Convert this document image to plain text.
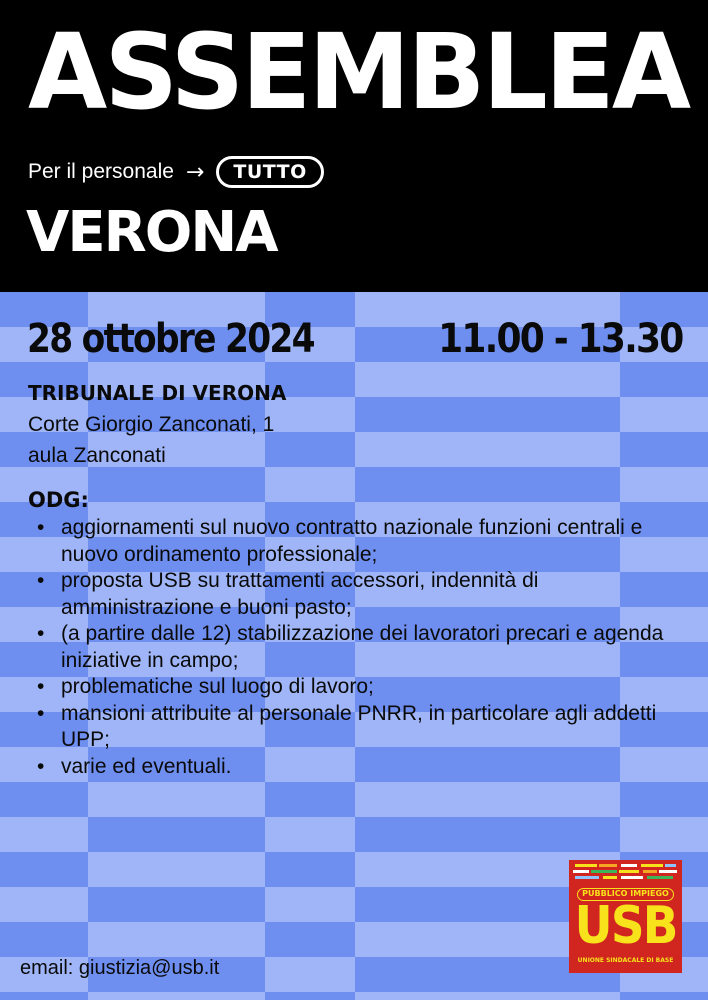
ASSEMBLEA
Per il personale →	TUTTO
VERONA
28 ottobre 2024	11.00 - 13.30
TRIBUNALE DI VERONA
Corte Giorgio Zanconati, 1
aula Zanconati
ODG:
• aggiornamenti sul nuovo contratto nazionale funzioni centrali e nuovo ordinamento professionale;
• proposta USB su trattamenti accessori, indennità di amministrazione e buoni pasto;
• (a partire dalle 12) stabilizzazione dei lavoratori precari e agenda iniziative in campo;
• problematiche sul luogo di lavoro;
• mansioni attribuite al personale PNRR, in particolare agli addetti UPP;
• varie ed eventuali.
email: giustizia@usb.it
PUBBLICO IMPIEGO
USB
UNIONE SINDACALE DI BASE
